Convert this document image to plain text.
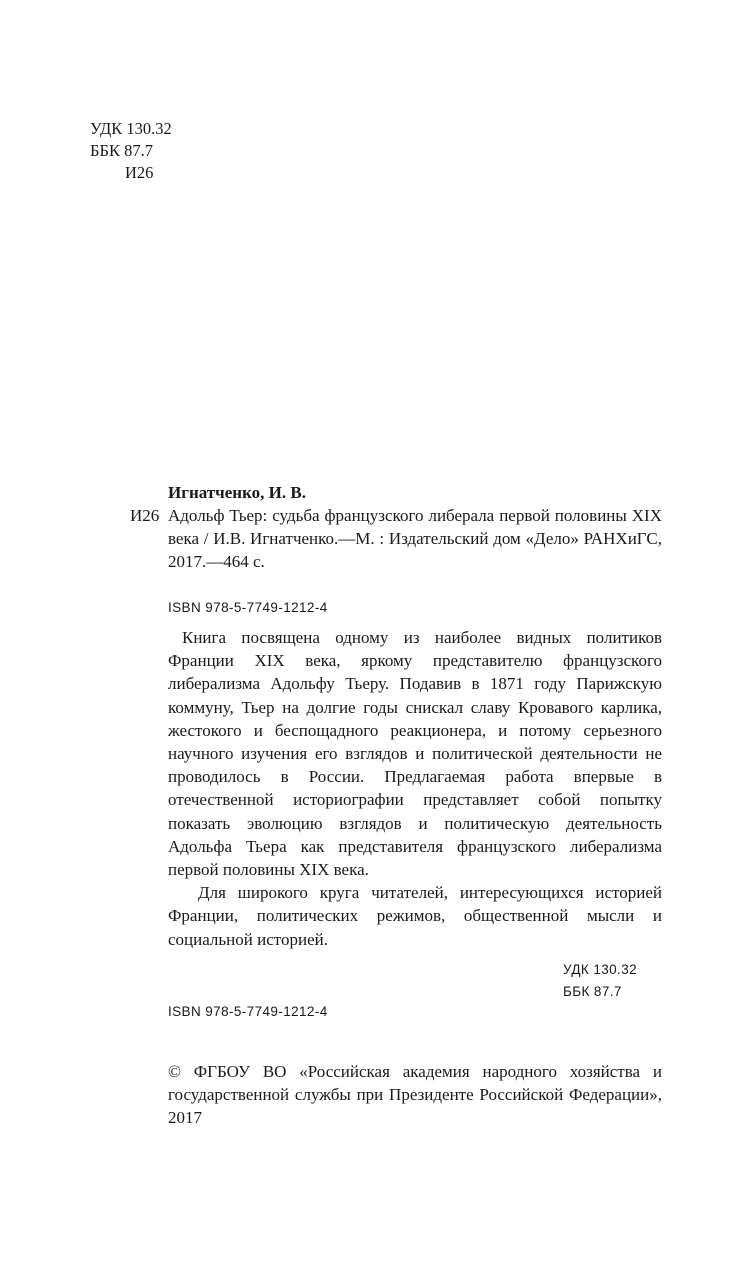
УДК 130.32
ББК 87.7
И26
Игнатченко, И. В.
И26 Адольф Тьер: судьба французского либерала первой половины XIX века / И.В. Игнатченко.—М. : Издательский дом «Дело» РАНХиГС, 2017.—464 с.

ISBN 978-5-7749-1212-4

Книга посвящена одному из наиболее видных политиков Франции XIX века, яркому представителю французского либерализма Адольфу Тьеру. Подавив в 1871 году Парижскую коммуну, Тьер на долгие годы снискал славу Кровавого карлика, жестокого и беспощадного реакционера, и потому серьезного научного изучения его взглядов и политической деятельности не проводилось в России. Предлагаемая работа впервые в отечественной историографии представляет собой попытку показать эволюцию взглядов и политическую деятельность Адольфа Тьера как представителя французского либерализма первой половины XIX века.

Для широкого круга читателей, интересующихся историей Франции, политических режимов, общественной мысли и социальной историей.

УДК 130.32
ББК 87.7
ISBN 978-5-7749-1212-4
© ФГБОУ ВО «Российская академия народного хозяйства и государственной службы при Президенте Российской Федерации», 2017
